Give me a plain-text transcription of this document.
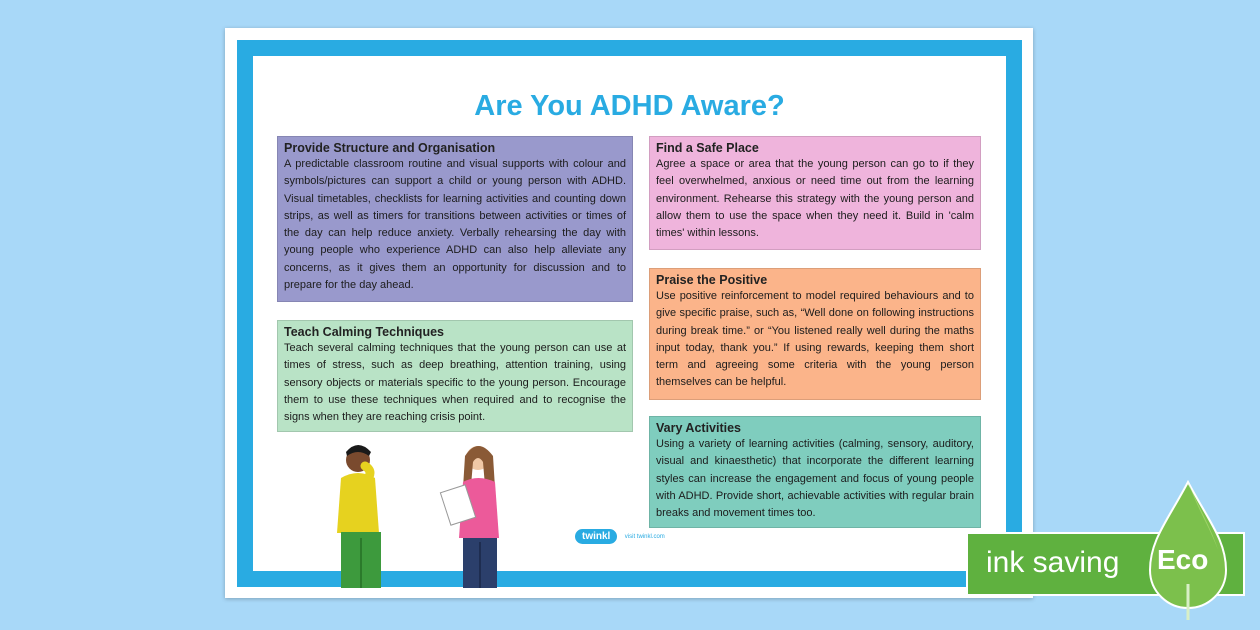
Are You ADHD Aware?
Provide Structure and Organisation

A predictable classroom routine and visual supports with colour and symbols/pictures can support a child or young person with ADHD. Visual timetables, checklists for learning activities and counting down strips, as well as timers for transitions between activities or times of the day can help reduce anxiety. Verbally rehearsing the day with young people who experience ADHD can also help alleviate any concerns, as it gives them an opportunity for discussion and to prepare for the day ahead.

Teach Calming Techniques

Teach several calming techniques that the young person can use at times of stress, such as deep breathing, attention training, using sensory objects or materials specific to the young person. Encourage them to use these techniques when required and to recognise the signs when they are reaching crisis point.

Find a Safe Place

Agree a space or area that the young person can go to if they feel overwhelmed, anxious or need time out from the learning environment. Rehearse this strategy with the young person and allow them to use the space when they need it. Build in 'calm times' within lessons.

Praise the Positive

Use positive reinforcement to model required behaviours and to give specific praise, such as, “Well done on following instructions during break time.” or “You listened really well during the maths input today, thank you.” If using rewards, keeping them short term and agreeing some criteria with the young person themselves can be helpful.

Vary Activities

Using a variety of learning activities (calming, sensory, auditory, visual and kinaesthetic) that incorporate the different learning styles can increase the engagement and focus of young people with ADHD. Provide short, achievable activities with regular brain breaks and movement times too.

twinkl visit twinkl.com
ink saving Eco
